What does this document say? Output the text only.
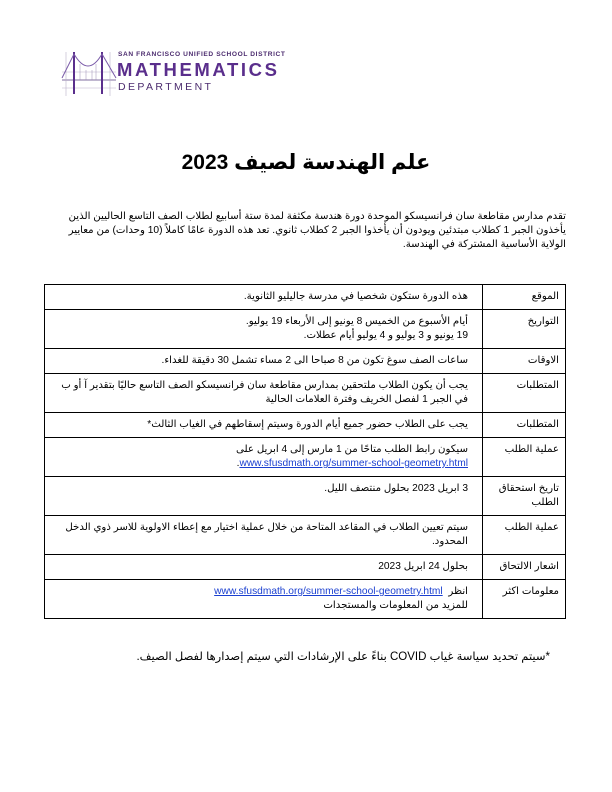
SAN FRANCISCO UNIFIED SCHOOL DISTRICT
MATHEMATICS
DEPARTMENT
علم الهندسة لصيف 2023
تقدم مدارس مقاطعة سان فرانسيسكو الموحدة دورة هندسة مكثفة لمدة ستة أسابيع لطلاب الصف التاسع الحاليين الذين يأخذون الجبر 1 كطلاب مبتدئين ويودون أن يأخذوا الجبر 2 كطلاب ثانوي. تعد هذه الدورة عامًا كاملاً (10 وحدات) من معايير الولاية الأساسية المشتركة في الهندسة.
الموقع	هذه الدورة ستكون شخصيا في مدرسة جاليليو الثانوية.
التواريخ	أيام الأسبوع من الخميس 8 يونيو إلى الأربعاء 19 يوليو.
19 يونيو و 3 يوليو و 4 يوليو أيام عطلات.

الاوقات	ساعات الصف سوغ تكون من 8 صباحا الى 2 مساء تشمل 30 دقيقة للغداء.
المتطلبات	يجب أن يكون الطلاب ملتحقين بمدارس مقاطعة سان فرانسيسكو الصف التاسع حاليًا بتقدير آ أو ب في الجبر 1 لفصل الخريف وفترة العلامات الحالية
المتطلبات	يجب على الطلاب حضور جميع أيام الدورة وسيتم إسقاطهم في الغياب الثالث*
عملية الطلب	سيكون رابط الطلب متاحًا من 1 مارس إلى 4 ابريل على
www.sfusdmath.org/summer-school-geometry.html.

تاريخ استحقاق الطلب	3 ابريل 2023 بحلول منتصف الليل.
عملية الطلب	سيتم تعيين الطلاب في المقاعد المتاحة من خلال عملية اختيار مع إعطاء الاولوية للاسر ذوي الدخل المحدود.
اشعار الالتحاق	بحلول 24 ابريل 2023
معلومات اكثر	انظر  www.sfusdmath.org/summer-school-geometry.html
للمزيد من المعلومات والمستجدات
*سيتم تحديد سياسة غياب COVID بناءً على الإرشادات التي سيتم إصدارها لفصل الصيف.
